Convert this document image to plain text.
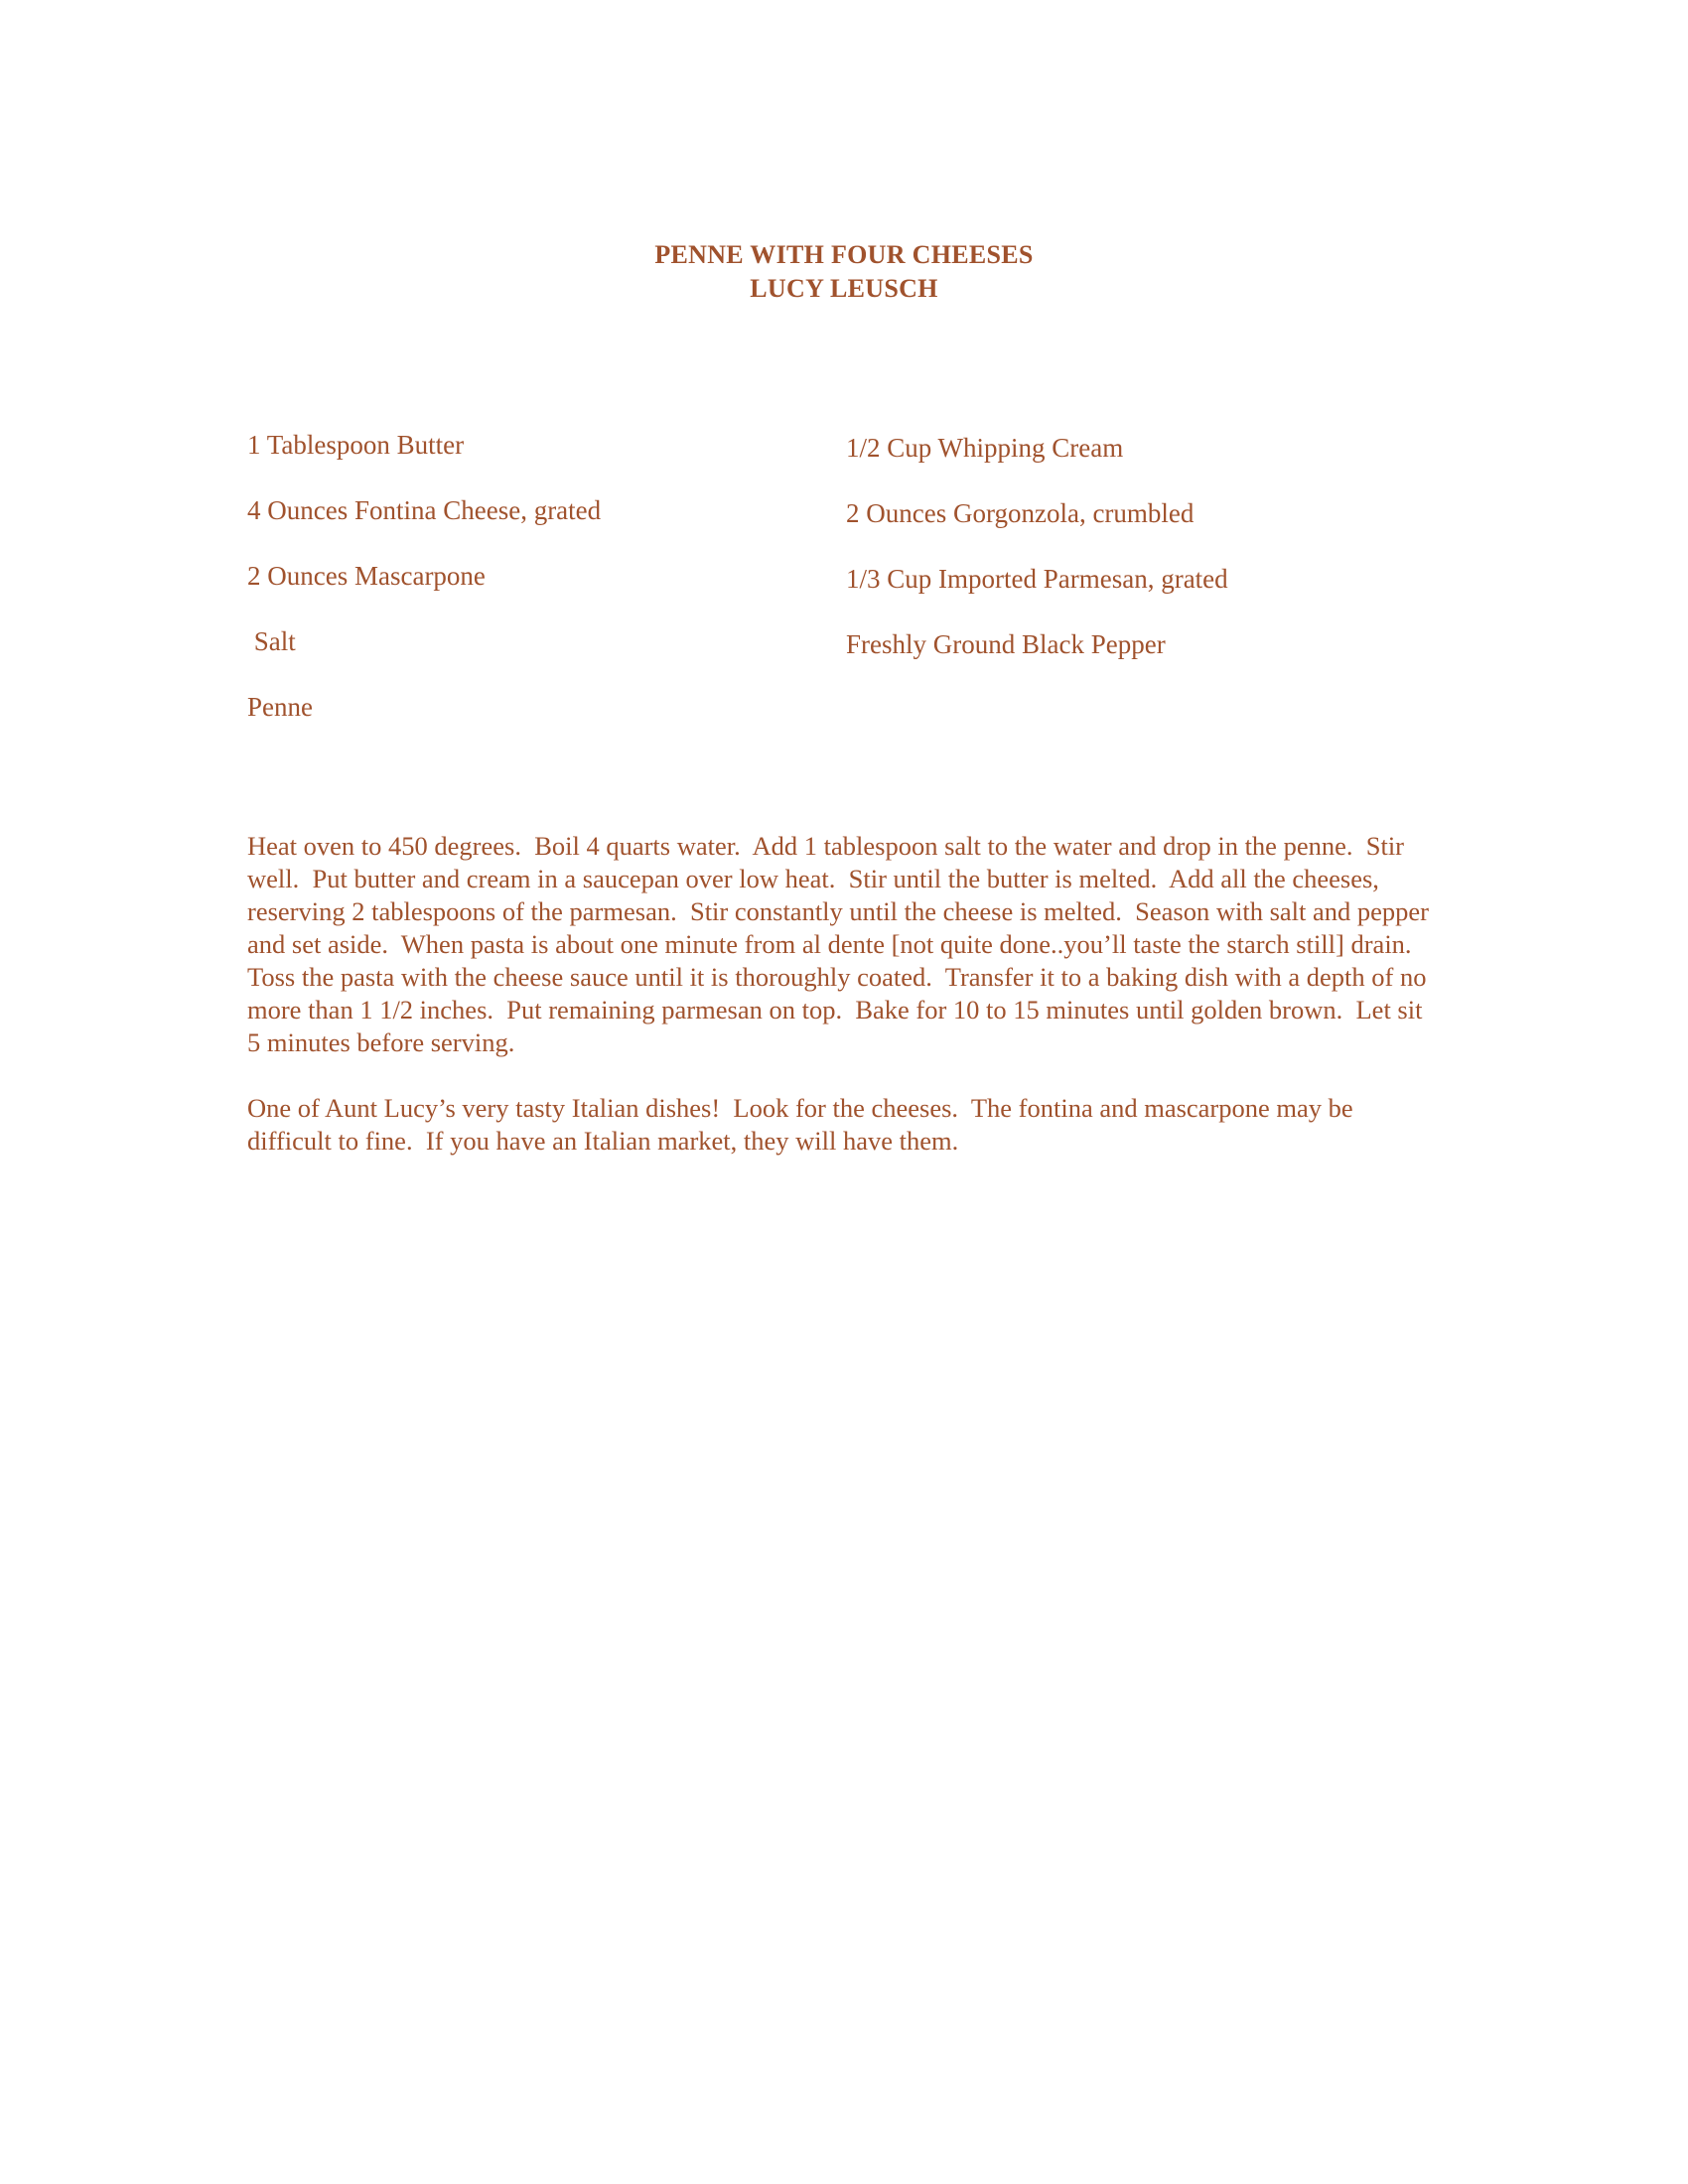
PENNE WITH FOUR CHEESES
LUCY LEUSCH
1 Tablespoon Butter
4 Ounces Fontina Cheese, grated
2 Ounces Mascarpone
Salt
Penne
1/2 Cup Whipping Cream
2 Ounces Gorgonzola, crumbled
1/3 Cup Imported Parmesan, grated
Freshly Ground Black Pepper

Heat oven to 450 degrees.  Boil 4 quarts water.  Add 1 tablespoon salt to the water and drop in the penne.  Stir well.  Put butter and cream in a saucepan over low heat.  Stir until the butter is melted.  Add all the cheeses, reserving 2 tablespoons of the parmesan.  Stir constantly until the cheese is melted.  Season with salt and pepper and set aside.  When pasta is about one minute from al dente [not quite done..you’ll taste the starch still] drain.  Toss the pasta with the cheese sauce until it is thoroughly coated.  Transfer it to a baking dish with a depth of no more than 1 1/2 inches.  Put remaining parmesan on top.  Bake for 10 to 15 minutes until golden brown.  Let sit 5 minutes before serving.

One of Aunt Lucy’s very tasty Italian dishes!  Look for the cheeses.  The fontina and mascarpone may be difficult to fine.  If you have an Italian market, they will have them.
